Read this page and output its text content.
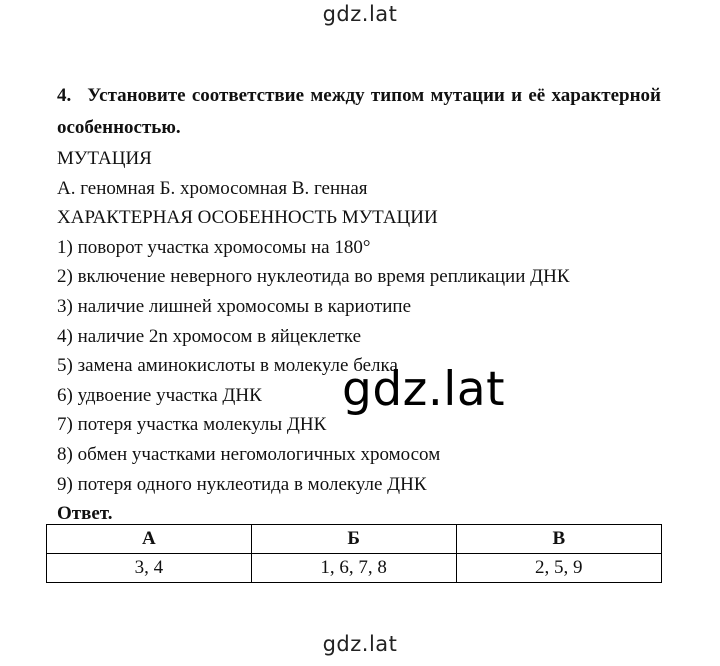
gdz.lat

4. Установите соответствие между типом мутации и её характерной особенностью.

МУТАЦИЯ

А. геномная Б. хромосомная В. генная

ХАРАКТЕРНАЯ ОСОБЕННОСТЬ МУТАЦИИ

1) поворот участка хромосомы на 180°

2) включение неверного нуклеотида во время репликации ДНК

3) наличие лишней хромосомы в кариотипе

4) наличие 2n хромосом в яйцеклетке

5) замена аминокислоты в молекуле белка

6) удвоение участка ДНК

7) потеря участка молекулы ДНК

8) обмен участками негомологичных хромосом

9) потеря одного нуклеотида в молекуле ДНК

Ответ.

gdz.lat
А	Б	В
3, 4	1, 6, 7, 8	2, 5, 9
gdz.lat
